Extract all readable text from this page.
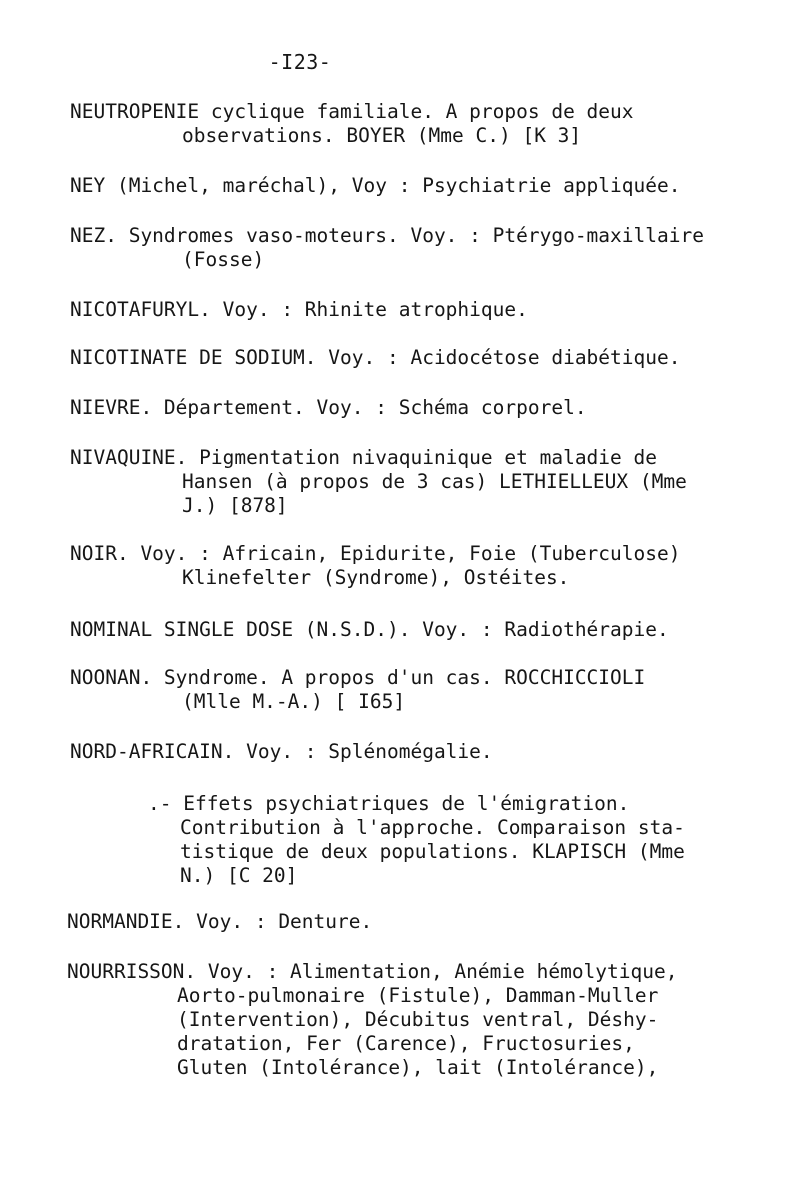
-I23-
NEUTROPENIE cyclique familiale. A propos de deux
observations. BOYER (Mme C.) [K 3]
NEY (Michel, maréchal), Voy : Psychiatrie appliquée.
NEZ. Syndromes vaso-moteurs. Voy. : Ptérygo-maxillaire
(Fosse)
NICOTAFURYL. Voy. : Rhinite atrophique.
NICOTINATE DE SODIUM. Voy. : Acidocétose diabétique.
NIEVRE. Département. Voy. : Schéma corporel.
NIVAQUINE. Pigmentation nivaquinique et maladie de
Hansen (à propos de 3 cas) LETHIELLEUX (Mme
J.) [878]
NOIR. Voy. : Africain, Epidurite, Foie (Tuberculose)
Klinefelter (Syndrome), Ostéites.
NOMINAL SINGLE DOSE (N.S.D.). Voy. : Radiothérapie.
NOONAN. Syndrome. A propos d'un cas. ROCCHICCIOLI
(Mlle M.-A.) [ I65]
NORD-AFRICAIN. Voy. : Splénomégalie.
.- Effets psychiatriques de l'émigration.
Contribution à l'approche. Comparaison sta-
tistique de deux populations. KLAPISCH (Mme
N.) [C 20]
NORMANDIE. Voy. : Denture.
NOURRISSON. Voy. : Alimentation, Anémie hémolytique,
Aorto-pulmonaire (Fistule), Damman-Muller
(Intervention), Décubitus ventral, Déshy-
dratation, Fer (Carence), Fructosuries,
Gluten (Intolérance), lait (Intolérance),
